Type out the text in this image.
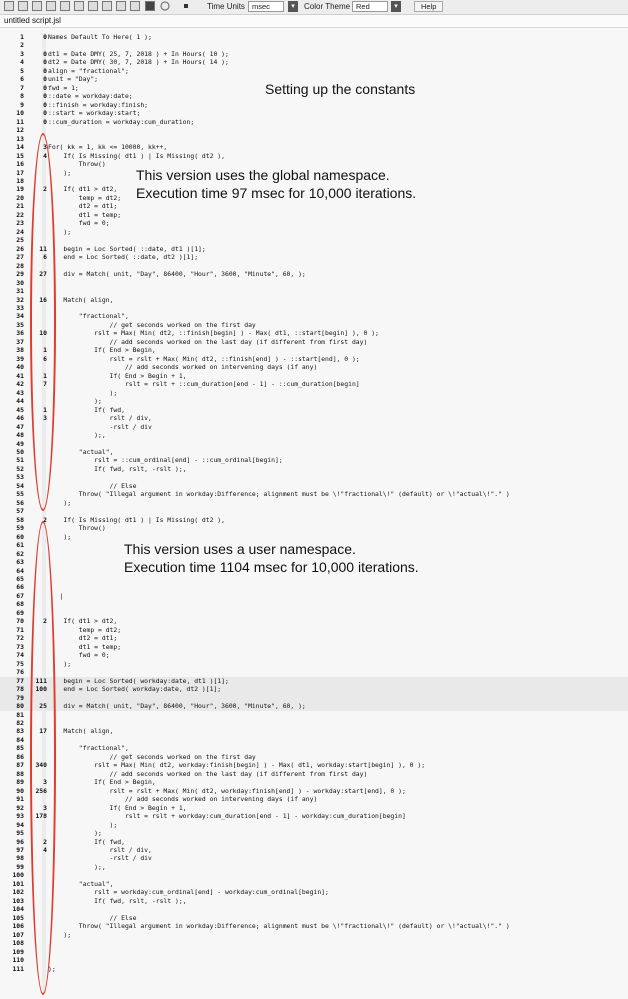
Time Units msec	▾	Color Theme Red	▾	Help
untitled script.jsl
1	0 Names Default To Here( 1 );
2
3	0 dt1 = Date DMY( 25, 7, 2018 ) + In Hours( 10 );
4	0 dt2 = Date DMY( 30, 7, 2018 ) + In Hours( 14 );
5	0 align = "fractional";
6	0 unit = "Day";
7	0 fwd = 1;
8	0 ::date = workday:date;
9	0 ::finish = workday:finish;
10	0 ::start = workday:start;
11	0 ::cum_duration = workday:cum_duration;
12
13
14	3 For( kk = 1, kk <= 10000, kk++,
15	4 If( Is Missing( dt1 ) | Is Missing( dt2 ),
16	Throw()
17	);
18
19	2 If( dt1 > dt2,
20	temp = dt2;
21	dt2 = dt1;
22	dt1 = temp;
23	fwd = 0;
24	);
25
26	11 begin = Loc Sorted( ::date, dt1 )[1];
27	6 end = Loc Sorted( ::date, dt2 )[1];
28
29	27 div = Match( unit, "Day", 86400, "Hour", 3600, "Minute", 60, );
30
31
32	16 Match( align,
33
34	"fractional",
35	// get seconds worked on the first day
36	10 rslt = Max( Min( dt2, ::finish[begin] ) - Max( dt1, ::start[begin] ), 0 );
37	// add seconds worked on the last day (if different from first day)
38	1 If( End > Begin,
39	6 rslt = rslt + Max( Min( dt2, ::finish[end] ) - ::start[end], 0 );
40	// add seconds worked on intervening days (if any)
41	1 If( End > Begin + 1,
42	7 rslt = rslt + ::cum_duration[end - 1] - ::cum_duration[begin]
43	);
44	);
45	1 If( fwd,
46	3 rslt / div,
47	-rslt / div
48	);,
49
50	"actual",
51	rslt = ::cum_ordinal[end] - ::cum_ordinal[begin];
52	If( fwd, rslt, -rslt );,
53
54	// Else
55	Throw( "Illegal argument in workday:Difference; alignment must be \!"fractional\!" (default) or \!"actual\!"." )
56	);
57
58	2 If( Is Missing( dt1 ) | Is Missing( dt2 ),
59	Throw()
60	);
61
62
63
64
65
66
67	|
68
69
70	2 If( dt1 > dt2,
71	temp = dt2;
72	dt2 = dt1;
73	dt1 = temp;
74	fwd = 0;
75	);
76
77	111 begin = Loc Sorted( workday:date, dt1 )[1];
78	100 end = Loc Sorted( workday:date, dt2 )[1];
79
80	25 div = Match( unit, "Day", 86400, "Hour", 3600, "Minute", 60, );
81
82
83	17 Match( align,
84
85	"fractional",
86	// get seconds worked on the first day
87	340 rslt = Max( Min( dt2, workday:finish[begin] ) - Max( dt1, workday:start[begin] ), 0 );
88	// add seconds worked on the last day (if different from first day)
89	3 If( End > Begin,
90	256 rslt = rslt + Max( Min( dt2, workday:finish[end] ) - workday:start[end], 0 );
91	// add seconds worked on intervening days (if any)
92	3 If( End > Begin + 1,
93	178 rslt = rslt + workday:cum_duration[end - 1] - workday:cum_duration[begin]
94	);
95	);
96	2 If( fwd,
97	4 rslt / div,
98	-rslt / div
99	);,
100
101	"actual",
102	rslt = workday:cum_ordinal[end] - workday:cum_ordinal[begin];
103	If( fwd, rslt, -rslt );,
104
105	// Else
106	Throw( "Illegal argument in workday:Difference; alignment must be \!"fractional\!" (default) or \!"actual\!"." )
107	);
108
109
110
111	);
Setting up the constants
This version uses the global namespace.
Execution time 97 msec for 10,000 iterations.
This version uses a user namespace.
Execution time 1104 msec for 10,000 iterations.
